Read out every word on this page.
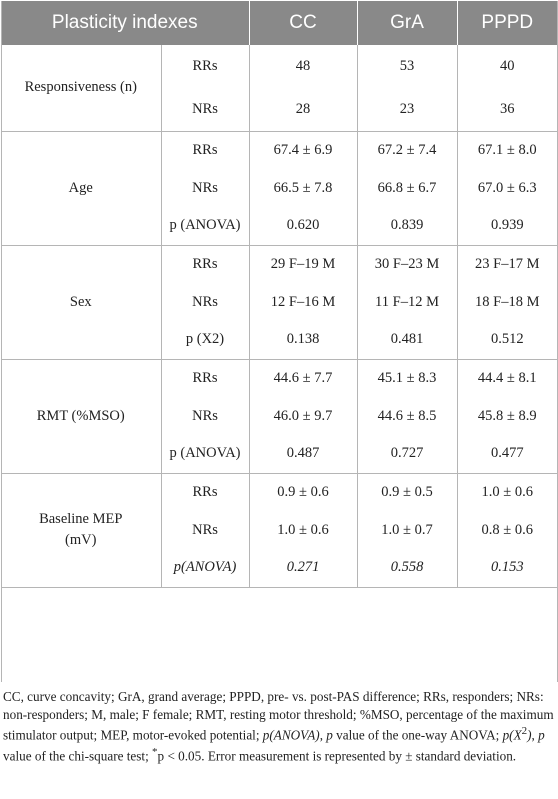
Plasticity indexes		CC	GrA	PPPD
Responsiveness (n)	RRs	48	53	40
	NRs	28	23	36
Age	RRs	67.4 ± 6.9	67.2 ± 7.4	67.1 ± 8.0
	NRs	66.5 ± 7.8	66.8 ± 6.7	67.0 ± 6.3
	p (ANOVA)	0.620	0.839	0.939
Sex	RRs	29 F–19 M	30 F–23 M	23 F–17 M
	NRs	12 F–16 M	11 F–12 M	18 F–18 M
	p (X2)	0.138	0.481	0.512
RMT (%MSO)	RRs	44.6 ± 7.7	45.1 ± 8.3	44.4 ± 8.1
	NRs	46.0 ± 9.7	44.6 ± 8.5	45.8 ± 8.9
	p (ANOVA)	0.487	0.727	0.477
Baseline MEP
(mV)	RRs	0.9 ± 0.6	0.9 ± 0.5	1.0 ± 0.6
	NRs	1.0 ± 0.6	1.0 ± 0.7	0.8 ± 0.6
	p(ANOVA)	0.271	0.558	0.153
CC, curve concavity; GrA, grand average; PPPD, pre- vs. post-PAS difference; RRs, responders; NRs: non-responders; M, male; F female; RMT, resting motor threshold; %MSO, percentage of the maximum stimulator output; MEP, motor-evoked potential; p(ANOVA), p value of the one-way ANOVA; $p(X^2)$, p value of the chi-square test; *p < 0.05. Error measurement is represented by ± standard deviation.
